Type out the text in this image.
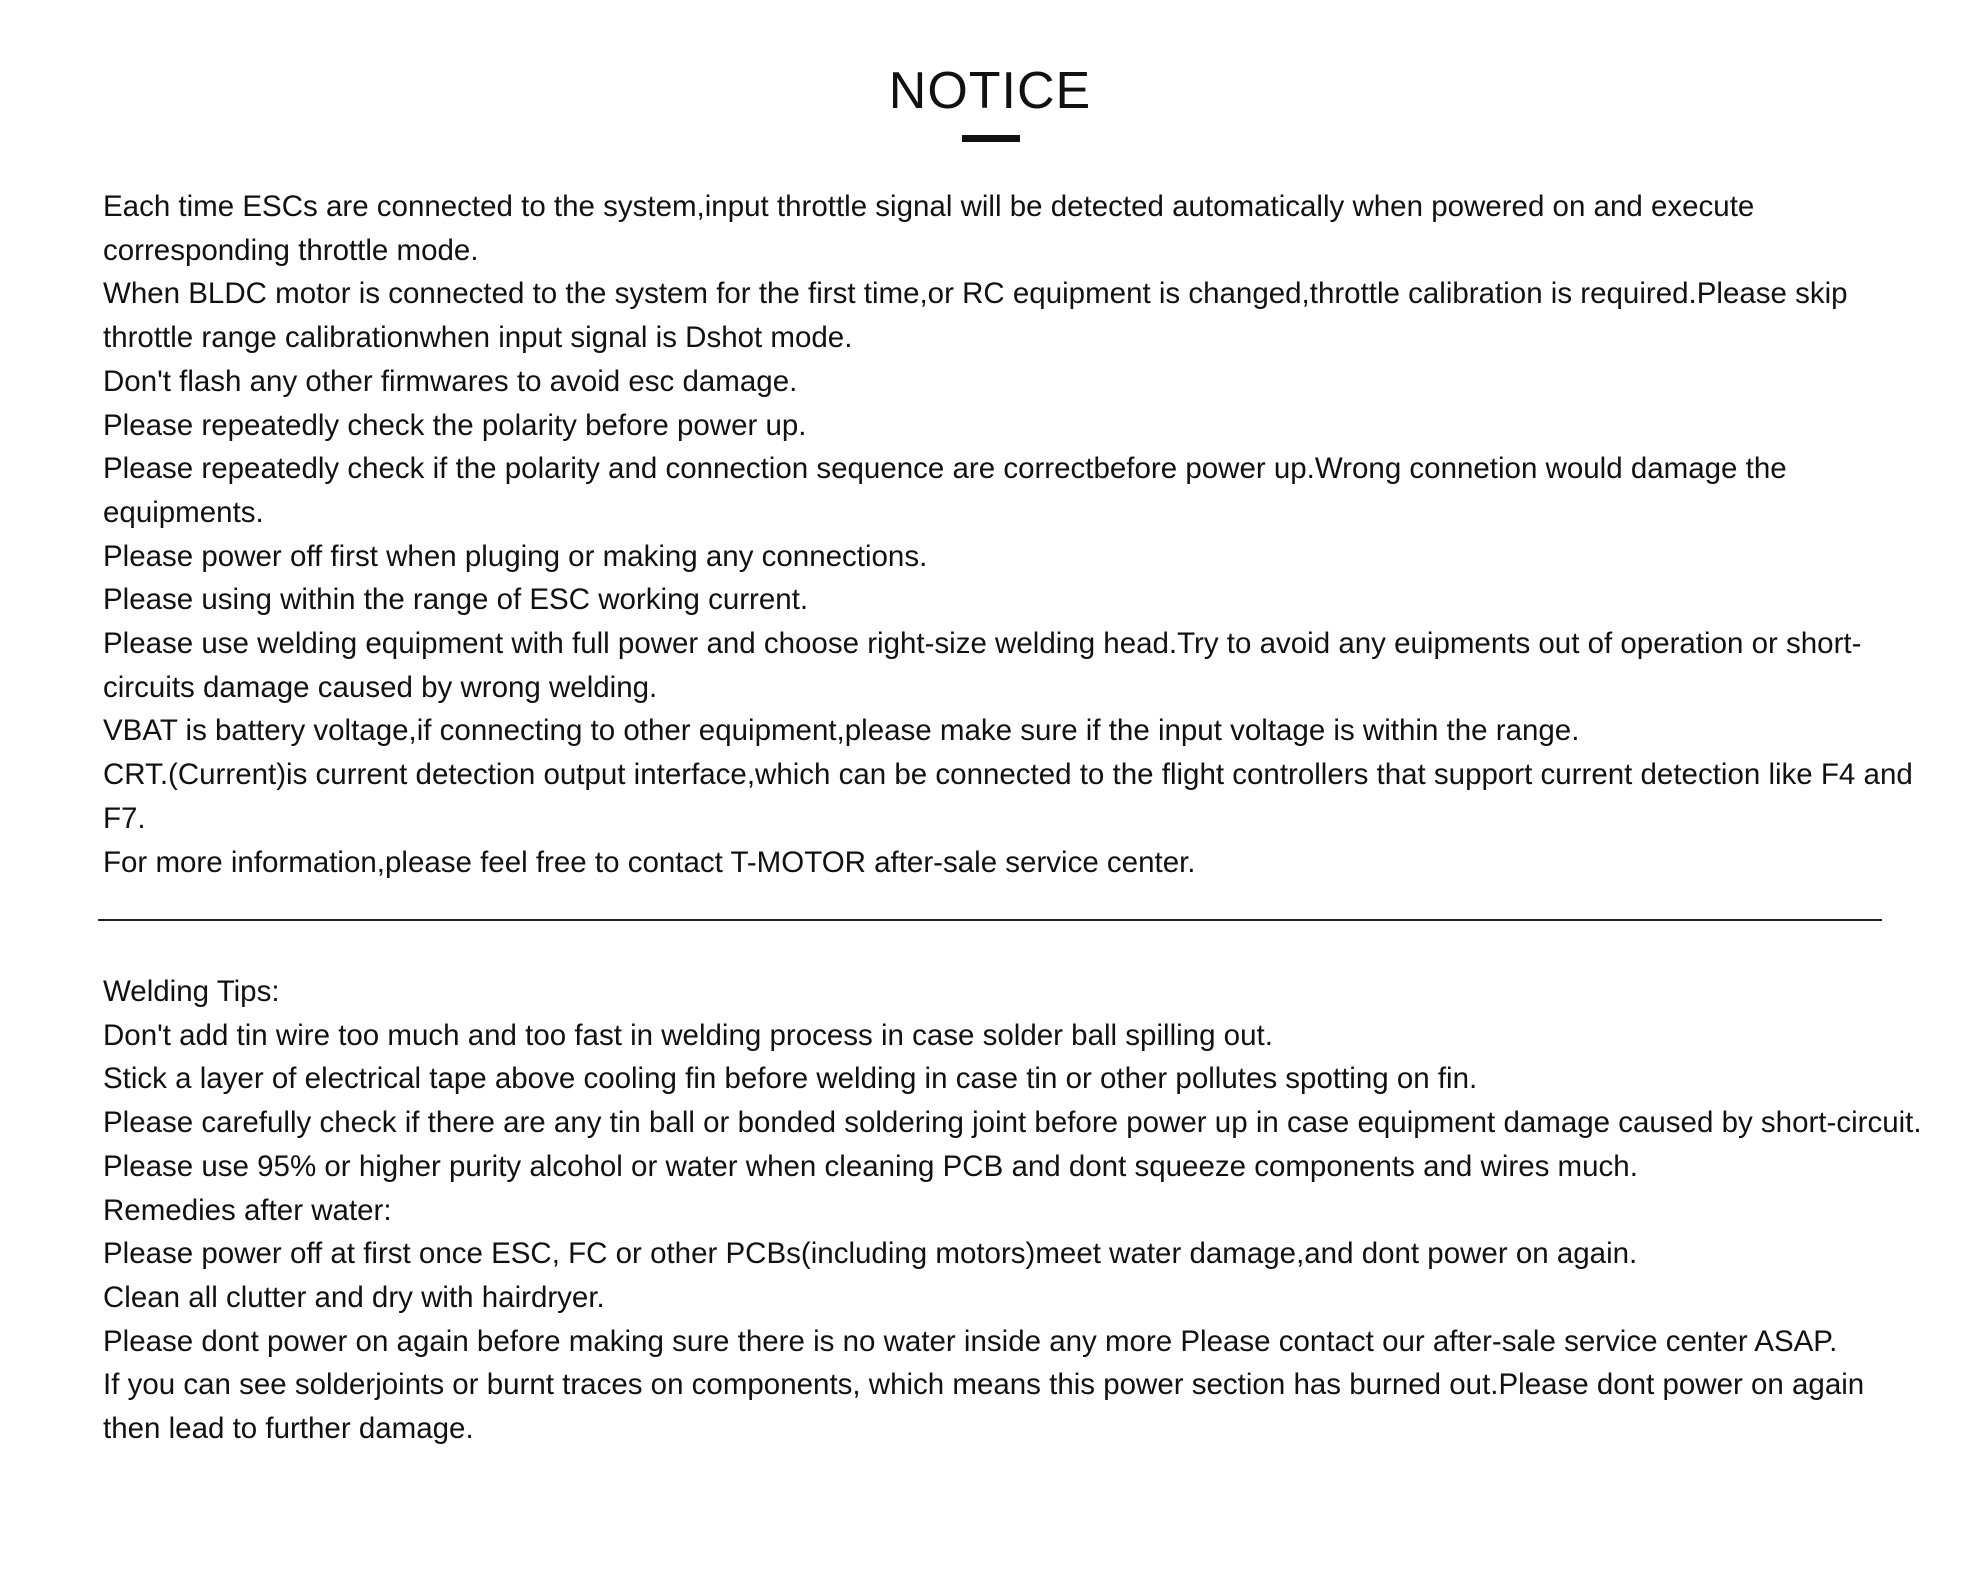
NOTICE

Each time ESCs are connected to the system,input throttle signal will be detected automatically when powered on and execute corresponding throttle mode.

When BLDC motor is connected to the system for the first time,or RC equipment is changed,throttle calibration is required.Please skip throttle range calibrationwhen input signal is Dshot mode.

Don't flash any other firmwares to avoid esc damage.

Please repeatedly check the polarity before power up.

Please repeatedly check if the polarity and connection sequence are correctbefore power up.Wrong connetion would damage the equipments.

Please power off first when pluging or making any connections.

Please using within the range of ESC working current.

Please use welding equipment with full power and choose right-size welding head.Try to avoid any euipments out of operation or short-circuits damage caused by wrong welding.

VBAT is battery voltage,if connecting to other equipment,please make sure if the input voltage is within the range.

CRT.(Current)is current detection output interface,which can be connected to the flight controllers that support current detection like F4 and F7.

For more information,please feel free to contact T-MOTOR after-sale service center.

Welding Tips:

Don't add tin wire too much and too fast in welding process in case solder ball spilling out.

Stick a layer of electrical tape above cooling fin before welding in case tin or other pollutes spotting on fin.

Please carefully check if there are any tin ball or bonded soldering joint before power up in case equipment damage caused by short-circuit.

Please use 95% or higher purity alcohol or water when cleaning PCB and dont squeeze components and wires much.

Remedies after water:

Please power off at first once ESC, FC or other PCBs(including motors)meet water damage,and dont power on again.

Clean all clutter and dry with hairdryer.

Please dont power on again before making sure there is no water inside any more Please contact our after-sale service center ASAP.

If you can see solderjoints or burnt traces on components, which means this power section has burned out.Please dont power on again then lead to further damage.
